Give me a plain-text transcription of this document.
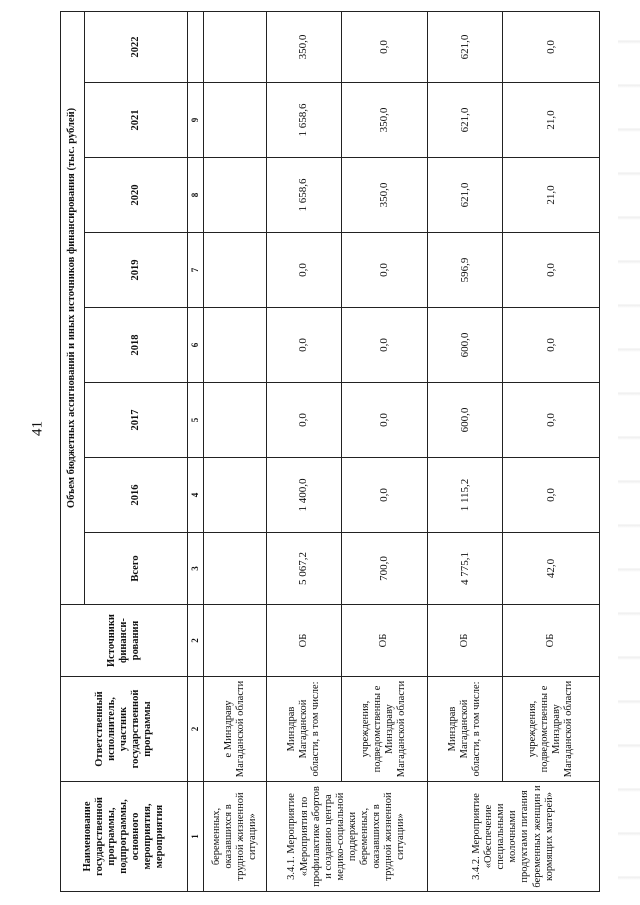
41
Наименование государственной программы, подпрограммы, основного мероприятия, мероприятия	Ответственный исполнитель, участник государственной программы	Источники финанси-рования	Объем бюджетных ассигнований и иных источников финансирования (тыс. рублей)							
			Всего	2016	2017	2018	2019	2020	2021	2022
1	2	2	3	4	5	6	7	8	9	
беременных, оказавшихся в трудной жизненной ситуации»	е Минздраву Магаданской области									
3.4.1. Мероприятие «Мероприятия по профилактике абортов и созданию центра медико-социальной поддержки беременных, оказавшихся в трудной жизненной ситуации»	Минздрав Магаданской области, в том числе:	ОБ	5 067,2	1 400,0	0,0	0,0	0,0	1 658,6	1 658,6	350,0
	учреждения, подведомственны е Минздраву Магаданской области	ОБ	700,0	0,0	0,0	0,0	0,0	350,0	350,0	0,0
3.4.2. Мероприятие «Обеспечение специальными молочными продуктами питания беременных женщин и кормящих матерей»	Минздрав Магаданской области, в том числе:	ОБ	4 775,1	1 115,2	600,0	600,0	596,9	621,0	621,0	621,0
	учреждения, подведомственны е Минздраву Магаданской области	ОБ	42,0	0,0	0,0	0,0	0,0	21,0	21,0	0,0
